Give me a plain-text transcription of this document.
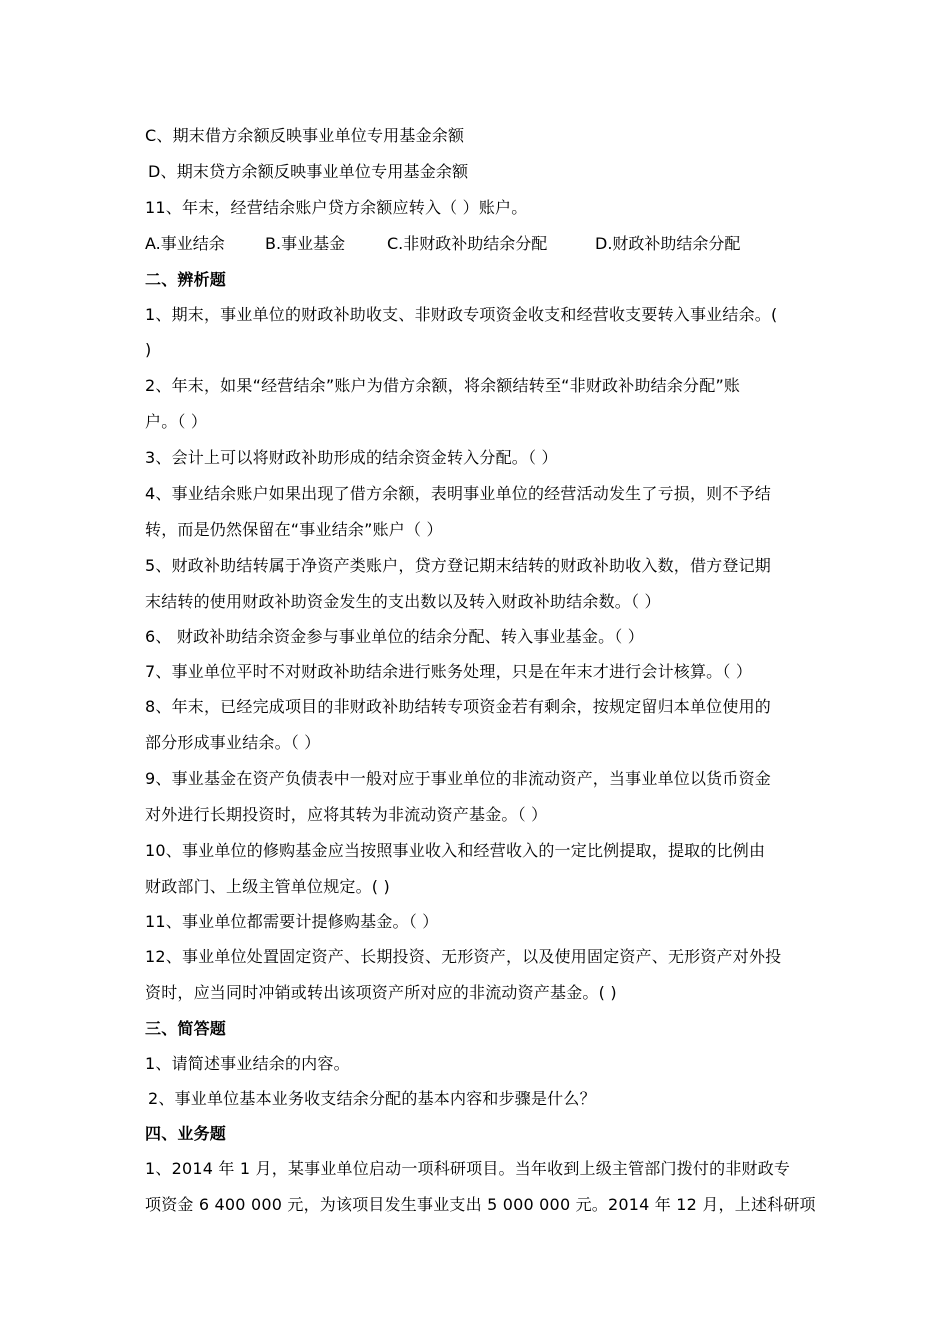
C、期末借方余额反映事业单位专用基金余额
D、期末贷方余额反映事业单位专用基金余额
11、年末，经营结余账户贷方余额应转入（ ）账户。
A.事业结余	B.事业基金	C.非财政补助结余分配	D.财政补助结余分配
二、辨析题
1、期末，事业单位的财政补助收支、非财政专项资金收支和经营收支要转入事业结余。(
)
2、年末，如果“经营结余”账户为借方余额，将余额结转至“非财政补助结余分配”账
户。（ ）
3、会计上可以将财政补助形成的结余资金转入分配。（ ）
4、事业结余账户如果出现了借方余额，表明事业单位的经营活动发生了亏损，则不予结
转，而是仍然保留在“事业结余”账户（ ）
5、财政补助结转属于净资产类账户，贷方登记期末结转的财政补助收入数，借方登记期
末结转的使用财政补助资金发生的支出数以及转入财政补助结余数。（ ）
6、 财政补助结余资金参与事业单位的结余分配、转入事业基金。（ ）
7、事业单位平时不对财政补助结余进行账务处理，只是在年末才进行会计核算。（ ）
8、年末，已经完成项目的非财政补助结转专项资金若有剩余，按规定留归本单位使用的
部分形成事业结余。（ ）
9、事业基金在资产负债表中一般对应于事业单位的非流动资产，当事业单位以货币资金
对外进行长期投资时，应将其转为非流动资产基金。（ ）
10、事业单位的修购基金应当按照事业收入和经营收入的一定比例提取，提取的比例由
财政部门、上级主管单位规定。( )
11、事业单位都需要计提修购基金。（ ）
12、事业单位处置固定资产、长期投资、无形资产，以及使用固定资产、无形资产对外投
资时，应当同时冲销或转出该项资产所对应的非流动资产基金。( )
三、简答题
1、请简述事业结余的内容。
2、事业单位基本业务收支结余分配的基本内容和步骤是什么？
四、业务题
1、2014 年 1 月，某事业单位启动一项科研项目。当年收到上级主管部门拨付的非财政专
项资金 6 400 000 元，为该项目发生事业支出 5 000 000 元。2014 年 12 月，上述科研项
